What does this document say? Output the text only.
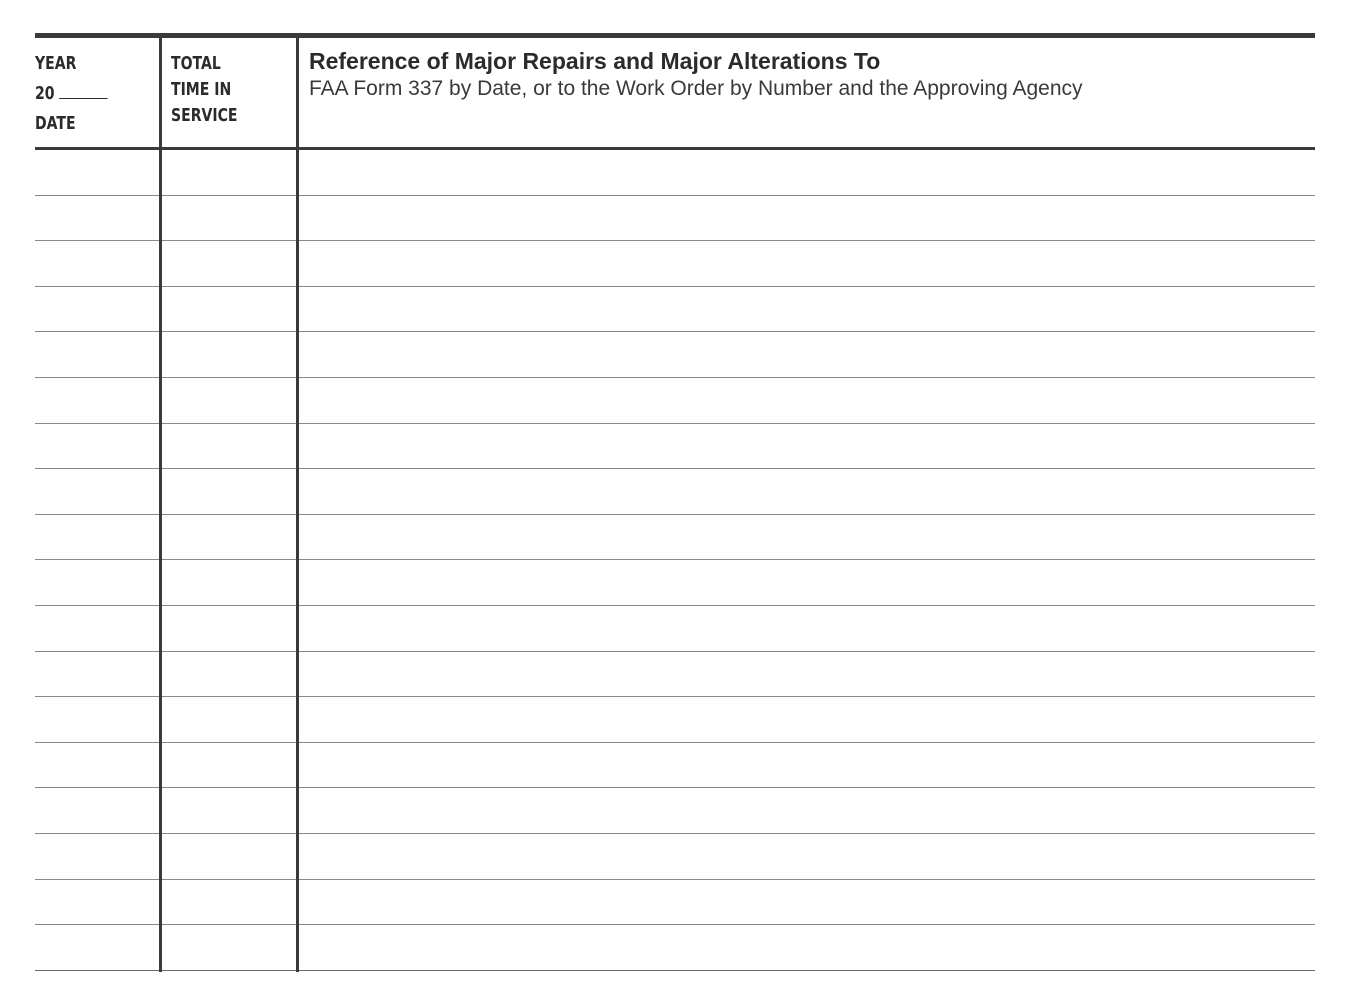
YEAR
20
DATE
TOTAL
TIME IN
SERVICE
Reference of Major Repairs and Major Alterations To
FAA Form 337 by Date, or to the Work Order by Number and the Approving Agency
